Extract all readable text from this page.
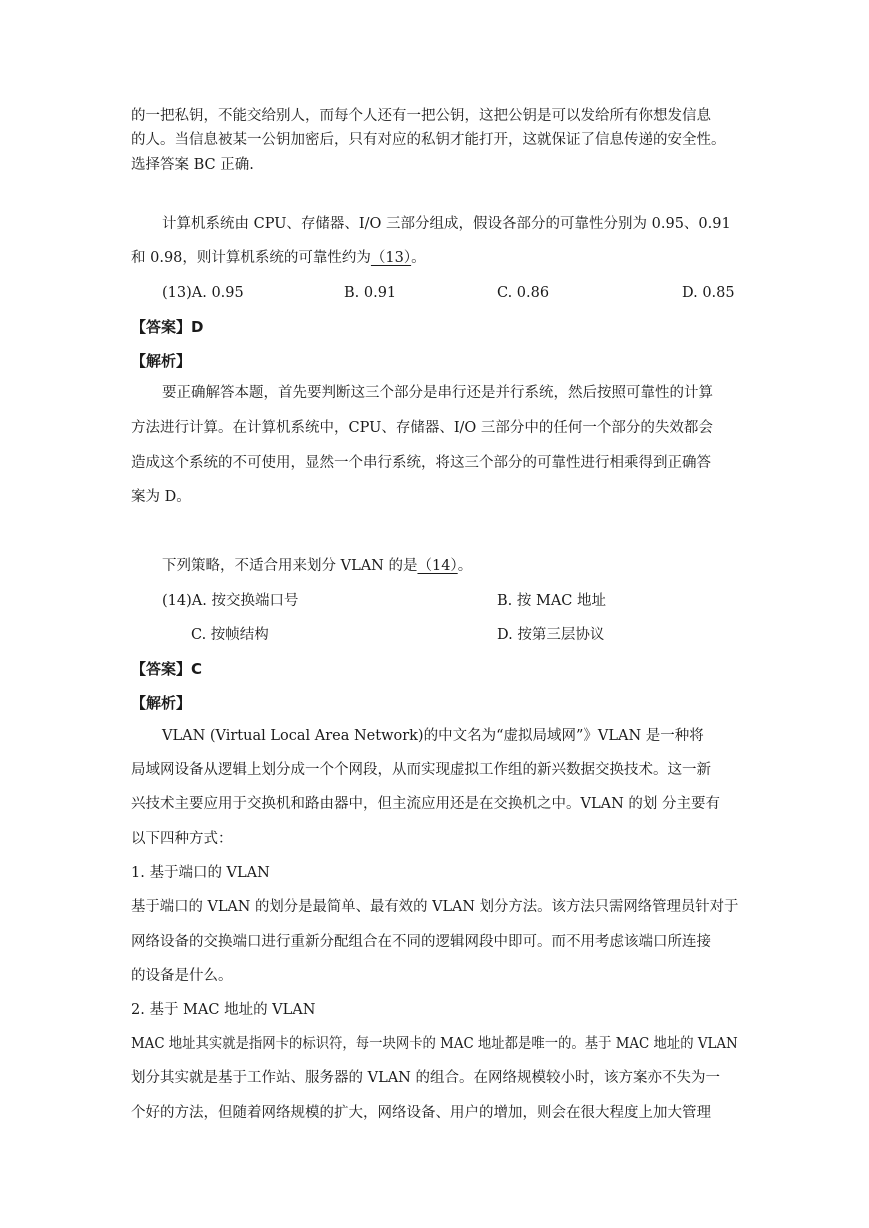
的一把私钥，不能交给别人，而每个人还有一把公钥，这把公钥是可以发给所有你想发信息
的人。当信息被某一公钥加密后，只有对应的私钥才能打开，这就保证了信息传递的安全性。
选择答案 BC 正确.
计算机系统由 CPU、存储器、I/O 三部分组成，假设各部分的可靠性分别为 0.95、0.91
和 0.98，则计算机系统的可靠性约为（13）。
(13)A. 0.95	B. 0.91	C. 0.86	D. 0.85
【答案】D
【解析】
要正确解答本题，首先要判断这三个部分是串行还是并行系统，然后按照可靠性的计算
方法进行计算。在计算机系统中，CPU、存储器、I/O 三部分中的任何一个部分的失效都会
造成这个系统的不可使用，显然一个串行系统，将这三个部分的可靠性进行相乘得到正确答
案为 D。
下列策略，不适合用来划分 VLAN 的是（14）。
(14)A. 按交换端口号	B. 按 MAC 地址
C. 按帧结构	D. 按第三层协议
【答案】C
【解析】
VLAN (Virtual Local Area Network)的中文名为“虚拟局域网”》VLAN 是一种将
局域网设备从逻辑上划分成一个个网段，从而实现虚拟工作组的新兴数据交换技术。这一新
兴技术主要应用于交换机和路由器中，但主流应用还是在交换机之中。VLAN 的划 分主要有
以下四种方式：
1. 基于端口的 VLAN
基于端口的 VLAN 的划分是最简单、最有效的 VLAN 划分方法。该方法只需网络管理员针对于
网络设备的交换端口进行重新分配组合在不同的逻辑网段中即可。而不用考虑该端口所连接
的设备是什么。
2. 基于 MAC 地址的 VLAN
MAC 地址其实就是指网卡的标识符，每一块网卡的 MAC 地址都是唯一的。基于 MAC 地址的 VLAN
划分其实就是基于工作站、服务器的 VLAN 的组合。在网络规模较小时，该方案亦不失为一
个好的方法，但随着网络规模的扩大，网络设备、用户的增加，则会在很大程度上加大管理
